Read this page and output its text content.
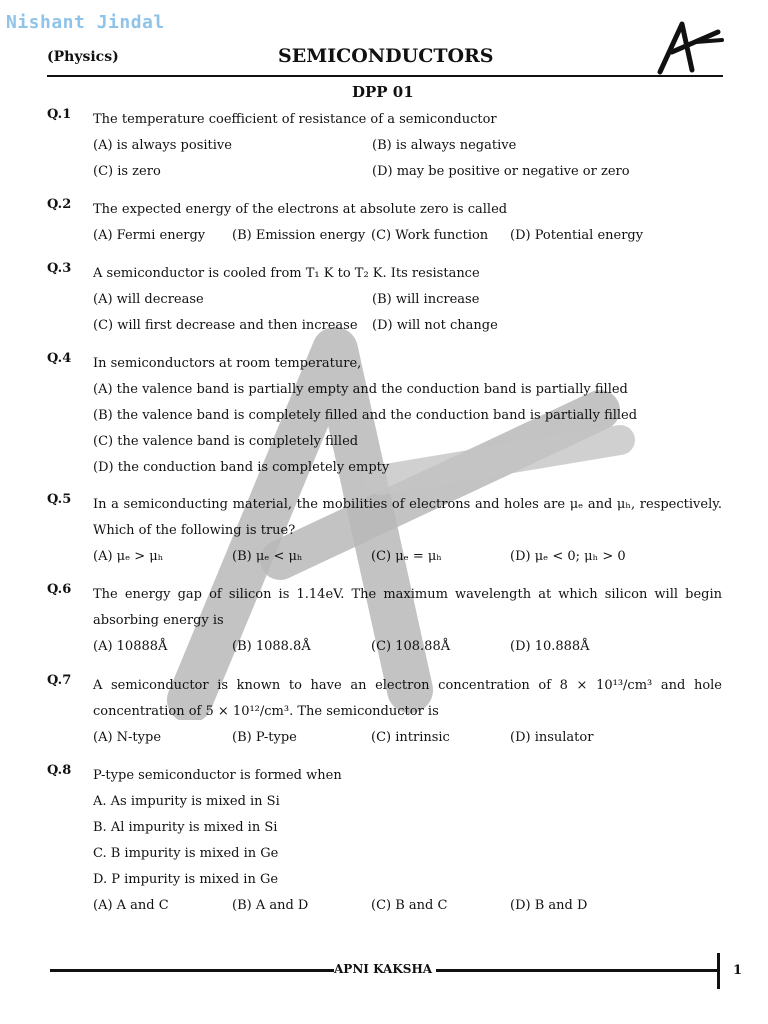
Nishant Jindal
(Physics)	SEMICONDUCTORS
DPP 01
Q.1 The temperature coefficient of resistance of a semiconductor
(A) is always positive	(B) is always negative
(C) is zero	(D) may be positive or negative or zero
Q.2 The expected energy of the electrons at absolute zero is called
(A) Fermi energy	(B) Emission energy (C) Work function	(D) Potential energy
Q.3 A semiconductor is cooled from T₁ K to T₂ K. Its resistance
(A) will decrease	(B) will increase
(C) will first decrease and then increase	(D) will not change
Q.4 In semiconductors at room temperature,
(A) the valence band is partially empty and the conduction band is partially filled
(B) the valence band is completely filled and the conduction band is partially filled
(C) the valence band is completely filled
(D) the conduction band is completely empty
Q.5 In a semiconducting material, the mobilities of electrons and holes are μₑ and μₕ, respectively. Which of the following is true?
(A) μₑ > μₕ	(B) μₑ < μₕ	(C) μₑ = μₕ	(D) μₑ < 0; μₕ > 0
Q.6 The energy gap of silicon is 1.14eV. The maximum wavelength at which silicon will begin absorbing energy is
(A) 10888Å	(B) 1088.8Å	(C) 108.88Å	(D) 10.888Å
Q.7 A semiconductor is known to have an electron concentration of 8 × 10¹³/cm³ and hole concentration of 5 × 10¹²/cm³. The semiconductor is
(A) N-type	(B) P-type	(C) intrinsic	(D) insulator
Q.8 P-type semiconductor is formed when
A. As impurity is mixed in Si
B. Al impurity is mixed in Si
C. B impurity is mixed in Ge
D. P impurity is mixed in Ge
(A) A and C	(B) A and D	(C) B and C	(D) B and D
APNI KAKSHA	1
